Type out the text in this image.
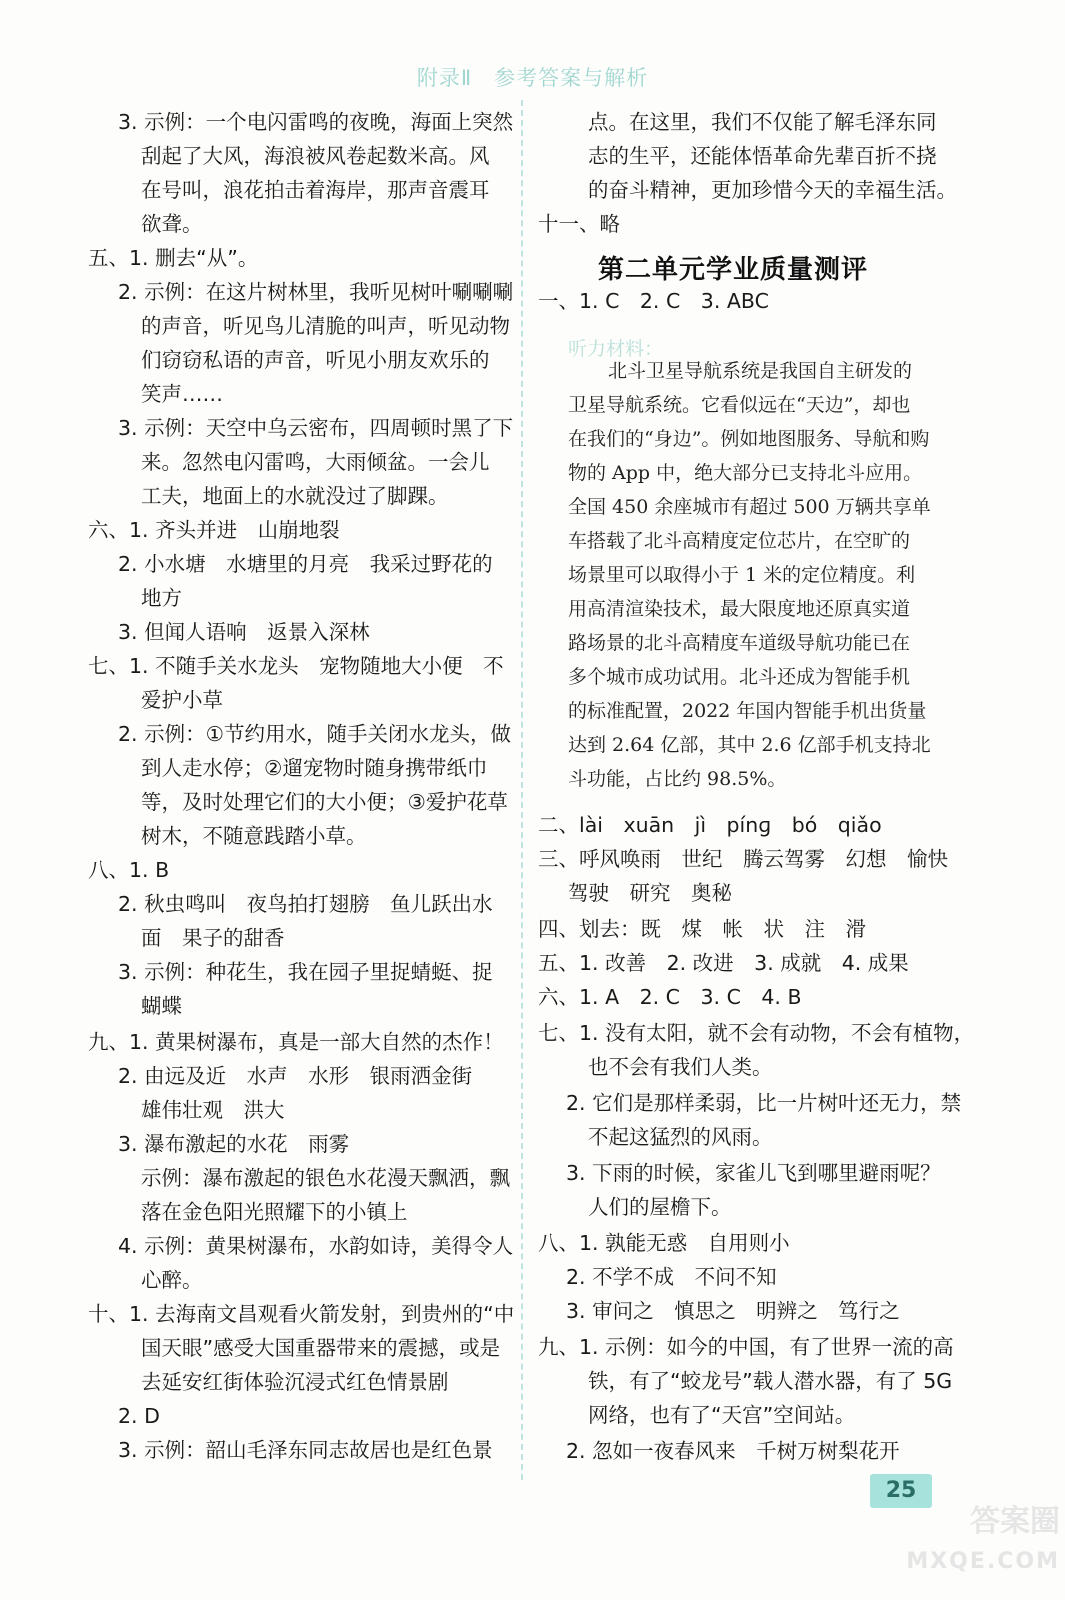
附录Ⅱ 参考答案与解析
3. 示例：一个电闪雷鸣的夜晚，海面上突然
刮起了大风，海浪被风卷起数米高。风
在号叫，浪花拍击着海岸，那声音震耳
欲聋。
五、1. 删去“从”。
2. 示例：在这片树林里，我听见树叶唰唰唰
的声音，听见鸟儿清脆的叫声，听见动物
们窃窃私语的声音，听见小朋友欢乐的
笑声……
3. 示例：天空中乌云密布，四周顿时黑了下
来。忽然电闪雷鸣，大雨倾盆。一会儿
工夫，地面上的水就没过了脚踝。
六、1. 齐头并进　山崩地裂
2. 小水塘　水塘里的月亮　我采过野花的
地方
3. 但闻人语响　返景入深林
七、1. 不随手关水龙头　宠物随地大小便　不
爱护小草
2. 示例：①节约用水，随手关闭水龙头，做
到人走水停；②遛宠物时随身携带纸巾
等，及时处理它们的大小便；③爱护花草
树木，不随意践踏小草。
八、1. B
2. 秋虫鸣叫　夜鸟拍打翅膀　鱼儿跃出水
面　果子的甜香
3. 示例：种花生，我在园子里捉蜻蜓、捉
蝴蝶
九、1. 黄果树瀑布，真是一部大自然的杰作！
2. 由远及近　水声　水形　银雨洒金街
雄伟壮观　洪大
3. 瀑布激起的水花　雨雾
示例：瀑布激起的银色水花漫天飘洒，飘
落在金色阳光照耀下的小镇上
4. 示例：黄果树瀑布，水韵如诗，美得令人
心醉。
十、1. 去海南文昌观看火箭发射，到贵州的“中
国天眼”感受大国重器带来的震撼，或是
去延安红街体验沉浸式红色情景剧
2. D
3. 示例：韶山毛泽东同志故居也是红色景
点。在这里，我们不仅能了解毛泽东同
志的生平，还能体悟革命先辈百折不挠
的奋斗精神，更加珍惜今天的幸福生活。
十一、略
第二单元学业质量测评
一、1. C　2. C　3. ABC
听力材料：
北斗卫星导航系统是我国自主研发的
卫星导航系统。它看似远在“天边”，却也
在我们的“身边”。例如地图服务、导航和购
物的 App 中，绝大部分已支持北斗应用。
全国 450 余座城市有超过 500 万辆共享单
车搭载了北斗高精度定位芯片，在空旷的
场景里可以取得小于 1 米的定位精度。利
用高清渲染技术，最大限度地还原真实道
路场景的北斗高精度车道级导航功能已在
多个城市成功试用。北斗还成为智能手机
的标准配置，2022 年国内智能手机出货量
达到 2.64 亿部，其中 2.6 亿部手机支持北
斗功能，占比约 98.5%。
二、lài　xuān　jì　pínɡ　bó　qiǎo
三、呼风唤雨　世纪　腾云驾雾　幻想　愉快
驾驶　研究　奥秘
四、划去：既　煤　帐　状　注　滑
五、1. 改善　2. 改进　3. 成就　4. 成果
六、1. A　2. C　3. C　4. B
七、1. 没有太阳，就不会有动物，不会有植物，
也不会有我们人类。
2. 它们是那样柔弱，比一片树叶还无力，禁
不起这猛烈的风雨。
3. 下雨的时候，家雀儿飞到哪里避雨呢？
人们的屋檐下。
八、1. 孰能无惑　自用则小
2. 不学不成　不问不知
3. 审问之　慎思之　明辨之　笃行之
九、1. 示例：如今的中国，有了世界一流的高
铁，有了“蛟龙号”载人潜水器，有了 5G
网络，也有了“天宫”空间站。
2. 忽如一夜春风来　千树万树梨花开
25
答案圈
MXQE.COM
